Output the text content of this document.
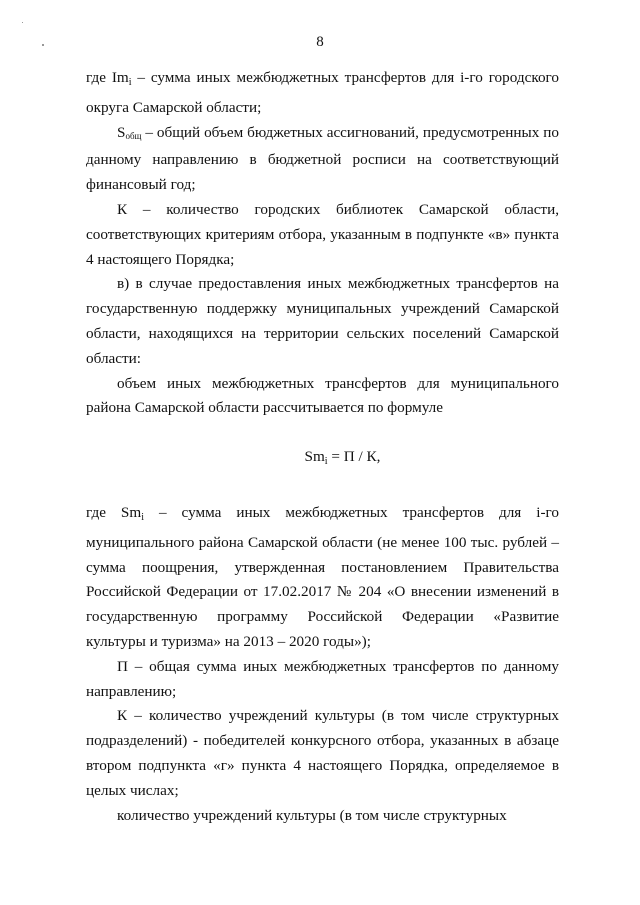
8

где Imi – сумма иных межбюджетных трансфертов для i-го городского округа Самарской области;

Sобщ – общий объем бюджетных ассигнований, предусмотренных по данному направлению в бюджетной росписи на соответствующий финансовый год;

К – количество городских библиотек Самарской области, соответствующих критериям отбора, указанным в подпункте «в» пункта 4 настоящего Порядка;

в) в случае предоставления иных межбюджетных трансфертов на государственную поддержку муниципальных учреждений Самарской области, находящихся на территории сельских поселений Самарской области:

объем иных межбюджетных трансфертов для муниципального района Самарской области рассчитывается по формуле

Smi = П / К,

где Smi – сумма иных межбюджетных трансфертов для i-го муниципального района Самарской области (не менее 100 тыс. рублей – сумма поощрения, утвержденная постановлением Правительства Российской Федерации от 17.02.2017 № 204 «О внесении изменений в государственную программу Российской Федерации «Развитие культуры и туризма» на 2013 – 2020 годы»);

П – общая сумма иных межбюджетных трансфертов по данному направлению;

К – количество учреждений культуры (в том числе структурных подразделений) - победителей конкурсного отбора, указанных в абзаце втором подпункта «г» пункта 4 настоящего Порядка, определяемое в целых числах;

количество учреждений культуры (в том числе структурных
